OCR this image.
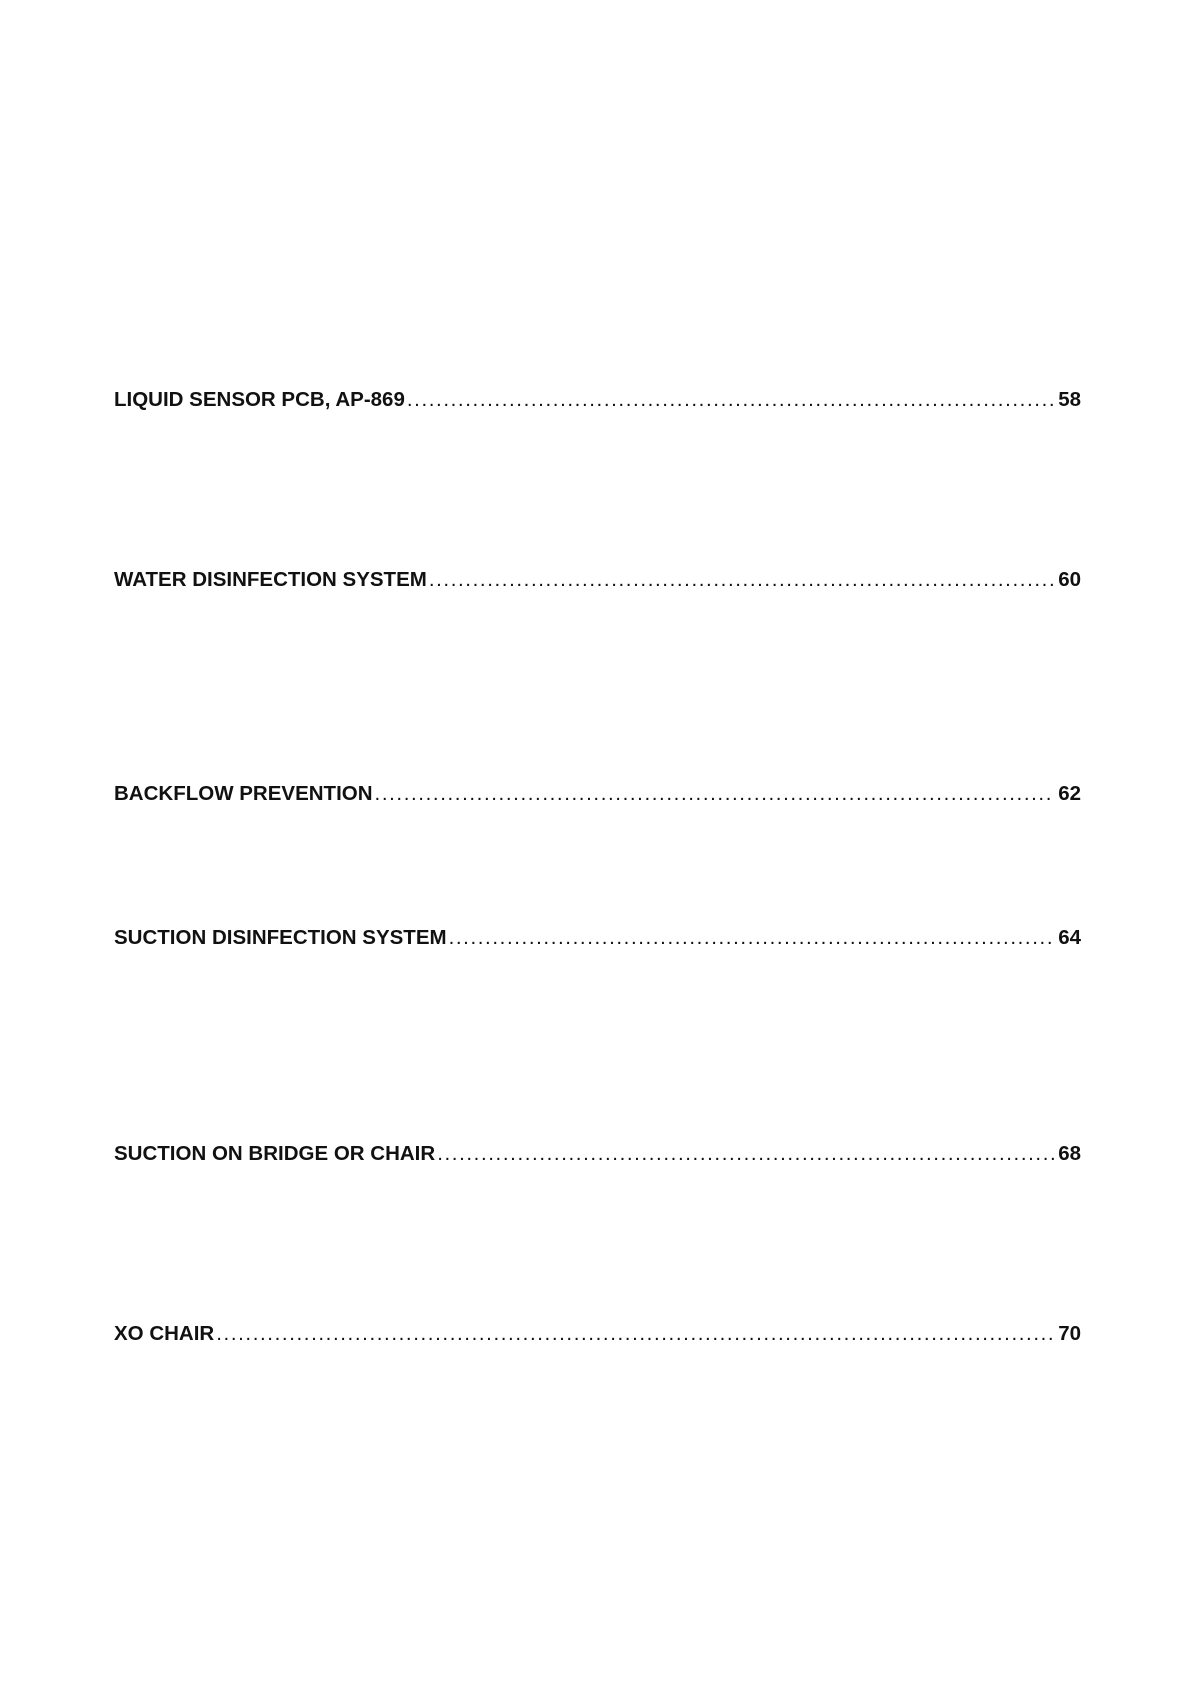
LIQUID SENSOR PCB, AP-869 .....	58
WATER DISINFECTION SYSTEM .....	60
BACKFLOW PREVENTION .....	62
SUCTION DISINFECTION SYSTEM .....	64
SUCTION ON BRIDGE OR CHAIR .....	68
XO CHAIR .....	70
